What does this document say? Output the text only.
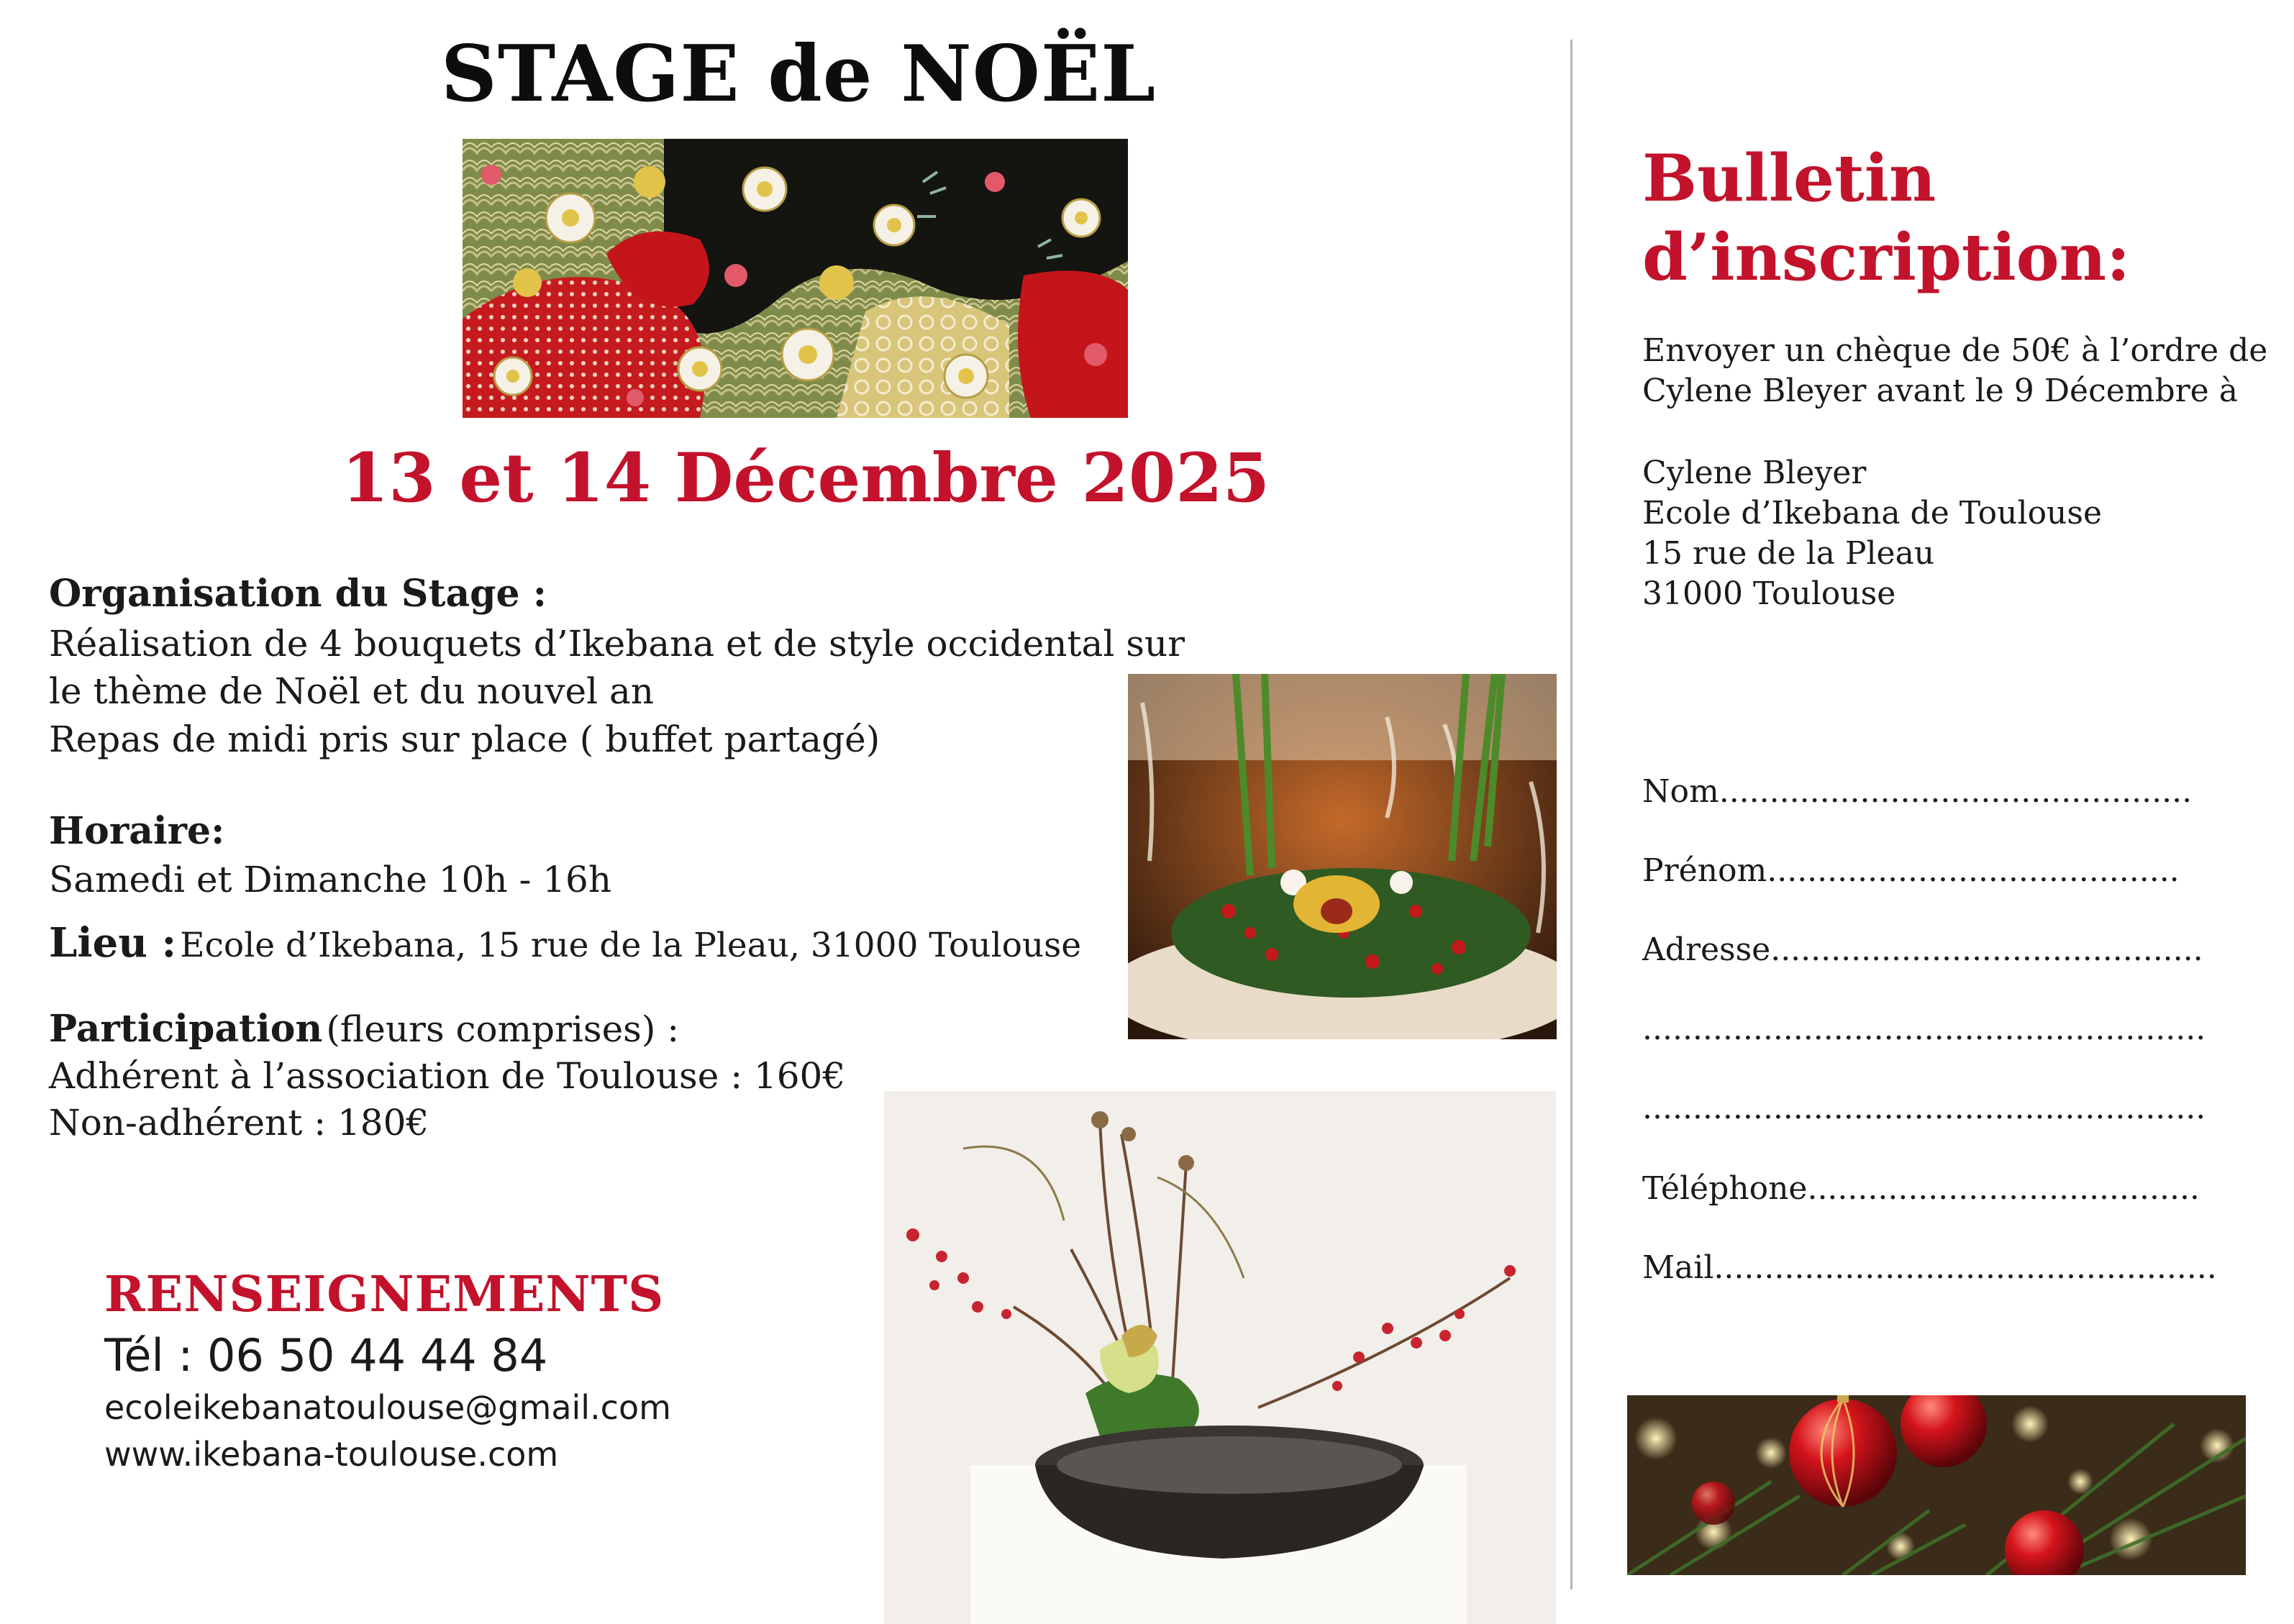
STAGE de NOËL
13 et 14 Décembre 2025
Organisation du Stage :
Réalisation de 4 bouquets d’Ikebana et de style occidental sur
le thème de Noël et du nouvel an
Repas de midi pris sur place ( buffet partagé)
Horaire:
Samedi et Dimanche 10h - 16h
Lieu : Ecole d’Ikebana, 15 rue de la Pleau, 31000 Toulouse
Participation (fleurs comprises) :
Adhérent à l’association de Toulouse : 160€
Non-adhérent : 180€
RENSEIGNEMENTS
Tél : 06 50 44 44 84
ecoleikebanatoulouse@gmail.com
www.ikebana-toulouse.com
Bulletin
d’inscription:
Envoyer un chèque de 50€ à l’ordre de
Cylene Bleyer avant le 9 Décembre à
Cylene Bleyer
Ecole d’Ikebana de Toulouse
15 rue de la Pleau
31000 Toulouse
Nom...............................................
Prénom.........................................
Adresse...........................................
........................................................
........................................................
Téléphone.......................................
Mail..................................................
